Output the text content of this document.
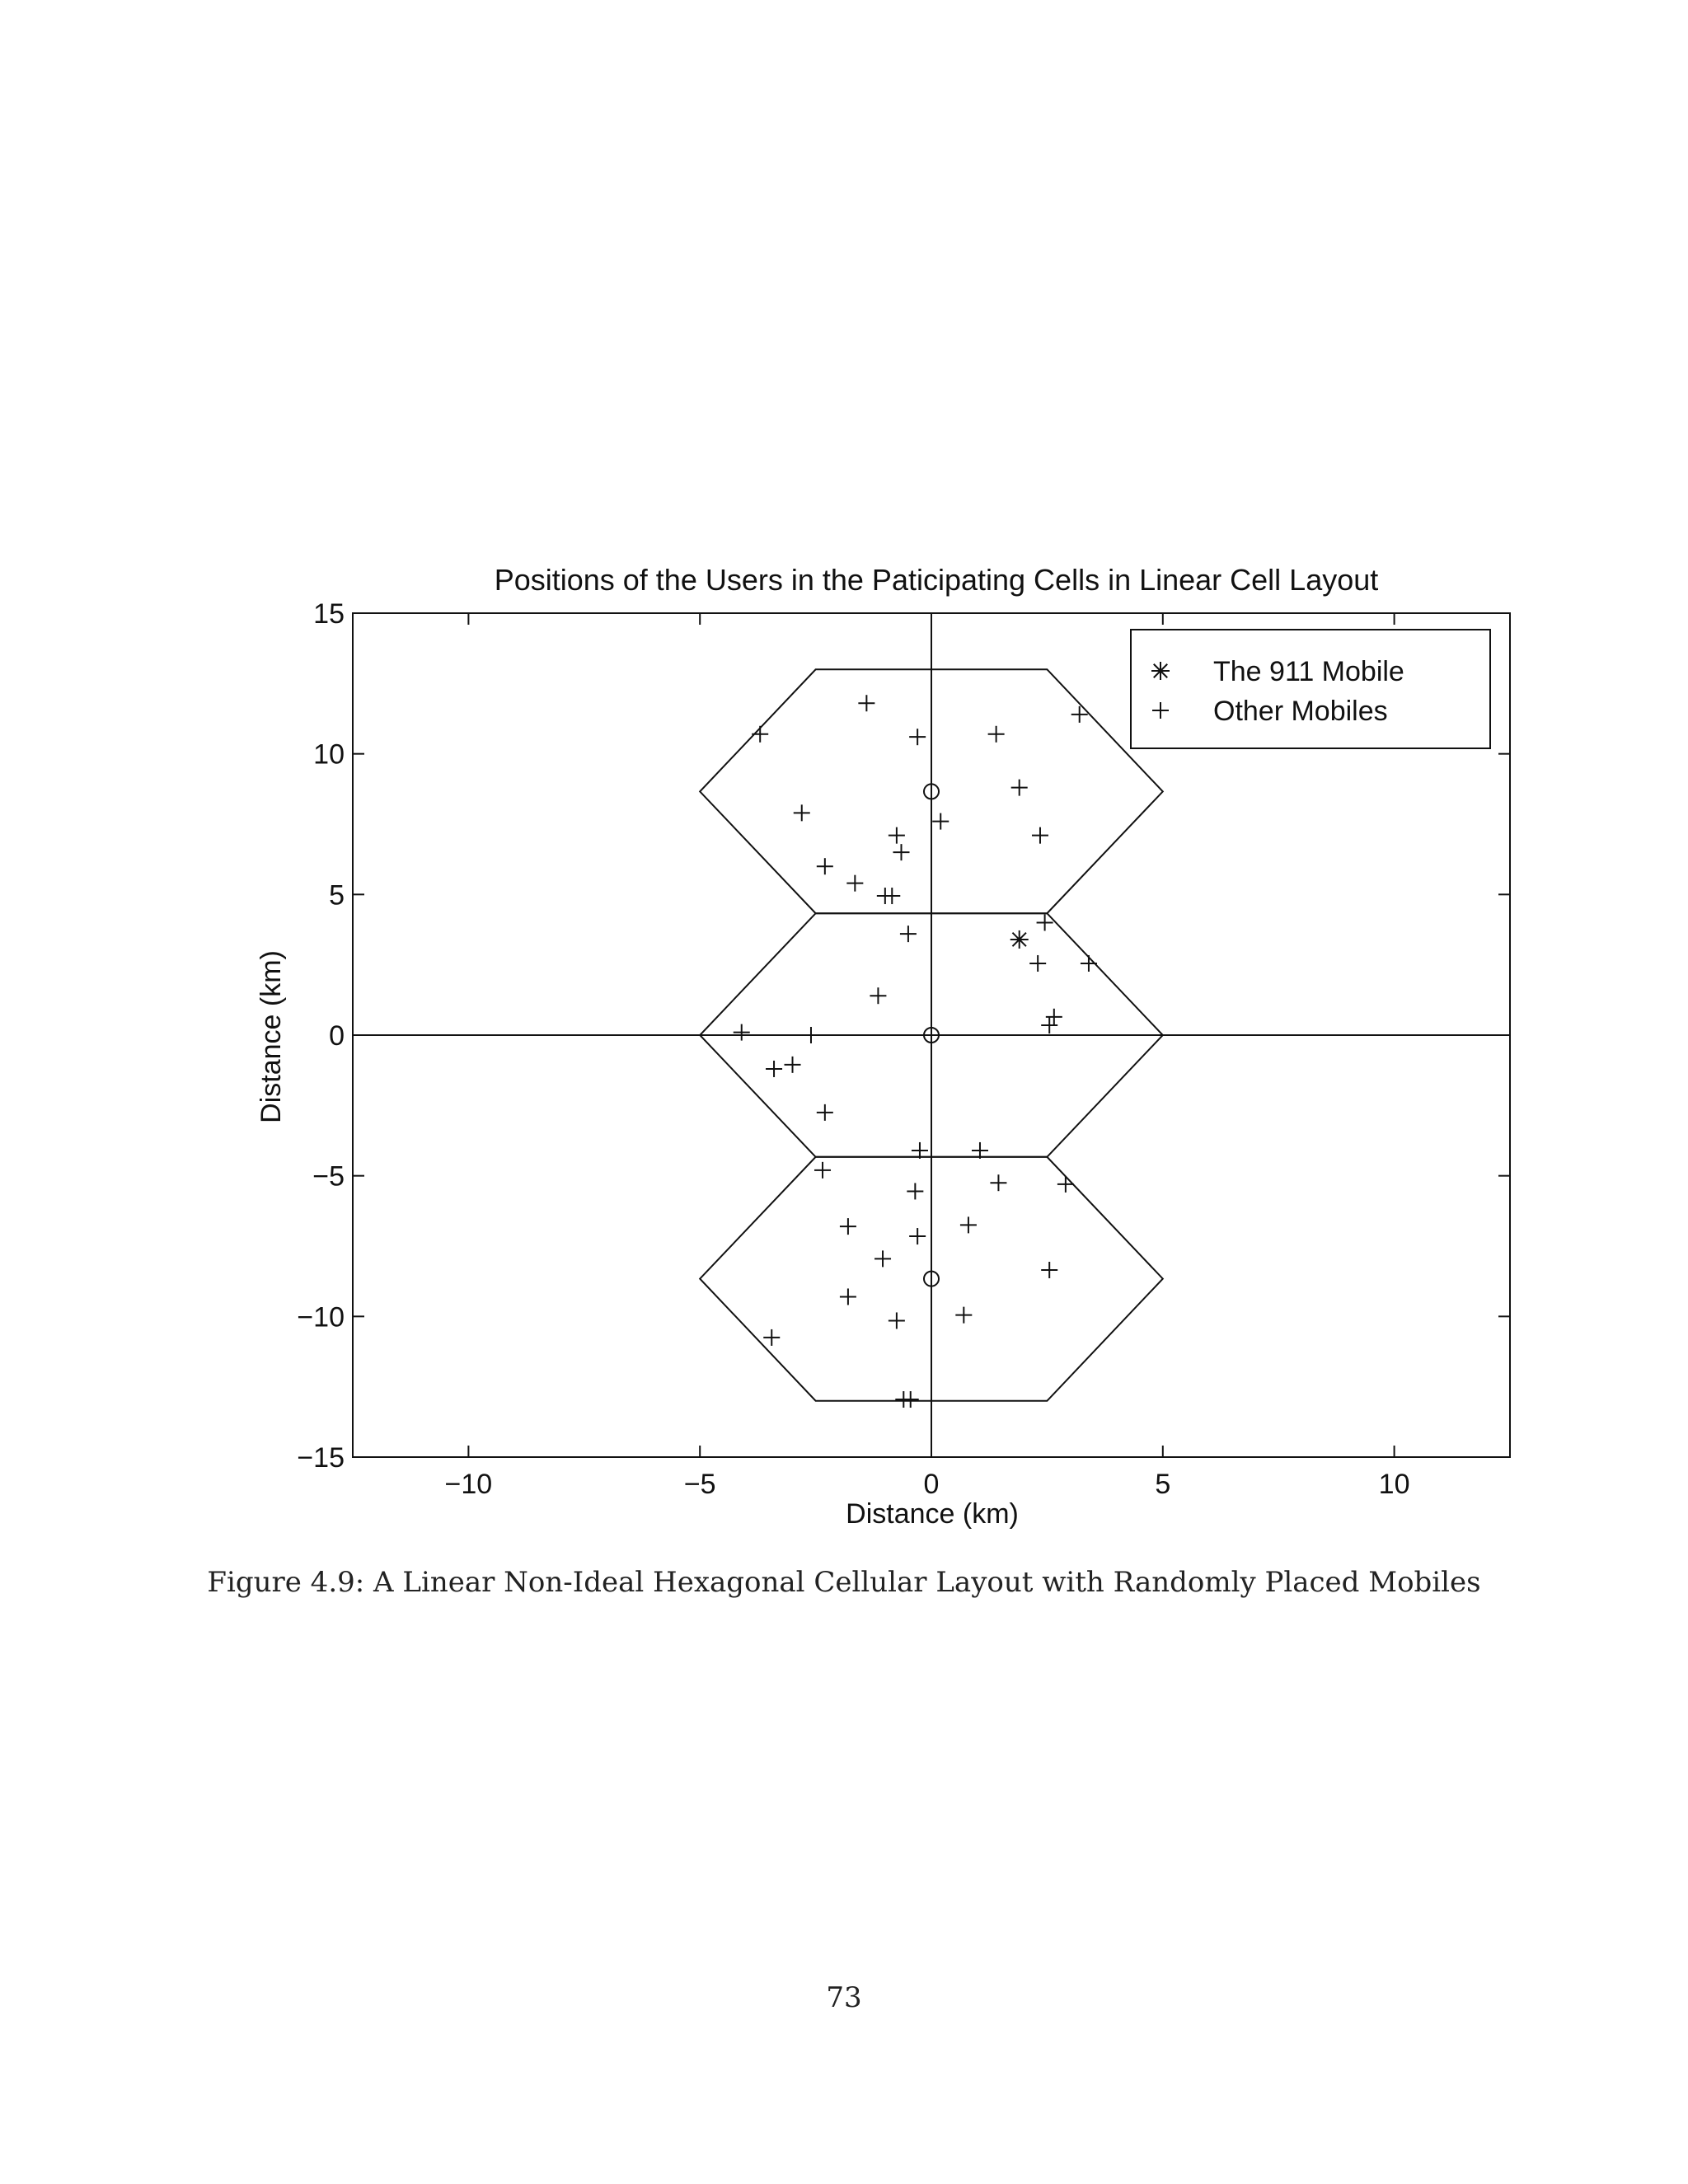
Positions of the Users in the Paticipating Cells in Linear Cell Layout
−10	−5	0	5	10
−15
−10
−5
0
5
10
15
Distance (km)
Distance (km)
The 911 Mobile
Other Mobiles
Figure 4.9: A Linear Non-Ideal Hexagonal Cellular Layout with Randomly Placed Mobiles
73
